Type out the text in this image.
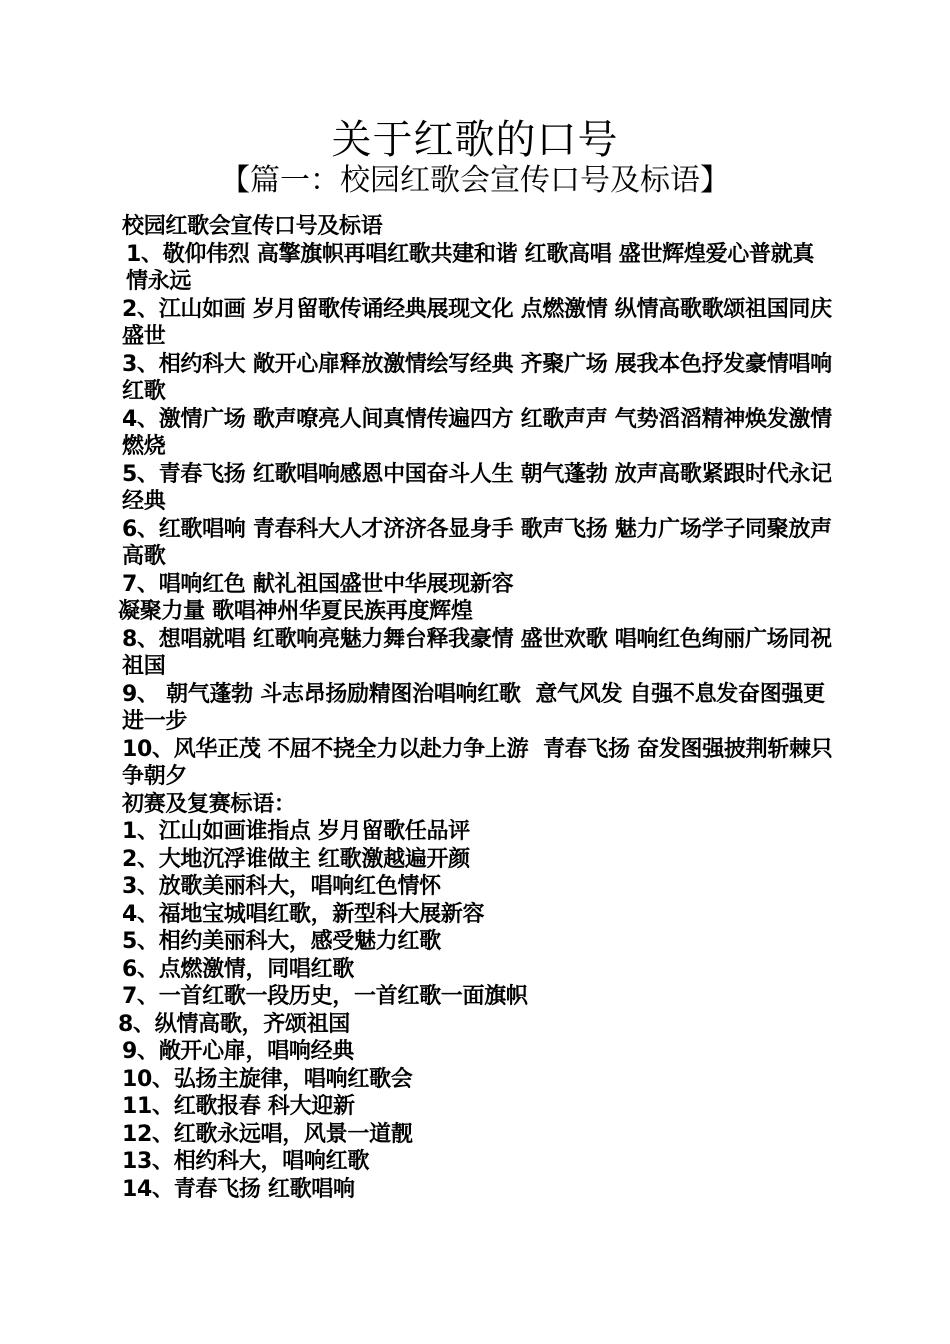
关于红歌的口号
【篇一：校园红歌会宣传口号及标语】

校园红歌会宣传口号及标语

1、敬仰伟烈 高擎旗帜再唱红歌共建和谐 红歌高唱 盛世辉煌爱心普就真情永远

2、江山如画 岁月留歌传诵经典展现文化 点燃激情 纵情高歌歌颂祖国同庆盛世

3、相约科大 敞开心扉释放激情绘写经典 齐聚广场 展我本色抒发豪情唱响红歌

4、激情广场 歌声嘹亮人间真情传遍四方 红歌声声 气势滔滔精神焕发激情燃烧

5、青春飞扬 红歌唱响感恩中国奋斗人生 朝气蓬勃 放声高歌紧跟时代永记经典

6、红歌唱响 青春科大人才济济各显身手 歌声飞扬 魅力广场学子同聚放声高歌

7、唱响红色 献礼祖国盛世中华展现新容

凝聚力量 歌唱神州华夏民族再度辉煌

8、想唱就唱 红歌响亮魅力舞台释我豪情 盛世欢歌 唱响红色绚丽广场同祝祖国

9、 朝气蓬勃 斗志昂扬励精图治唱响红歌  意气风发 自强不息发奋图强更进一步

10、风华正茂 不屈不挠全力以赴力争上游  青春飞扬 奋发图强披荆斩棘只争朝夕

初赛及复赛标语：

1、江山如画谁指点 岁月留歌任品评

2、大地沉浮谁做主 红歌激越遍开颜

3、放歌美丽科大，唱响红色情怀

4、福地宝城唱红歌，新型科大展新容

5、相约美丽科大，感受魅力红歌

6、点燃激情，同唱红歌

7、一首红歌一段历史，一首红歌一面旗帜

8、纵情高歌，齐颂祖国

9、敞开心扉，唱响经典

10、弘扬主旋律，唱响红歌会

11、红歌报春 科大迎新

12、红歌永远唱，风景一道靓

13、相约科大，唱响红歌

14、青春飞扬 红歌唱响
